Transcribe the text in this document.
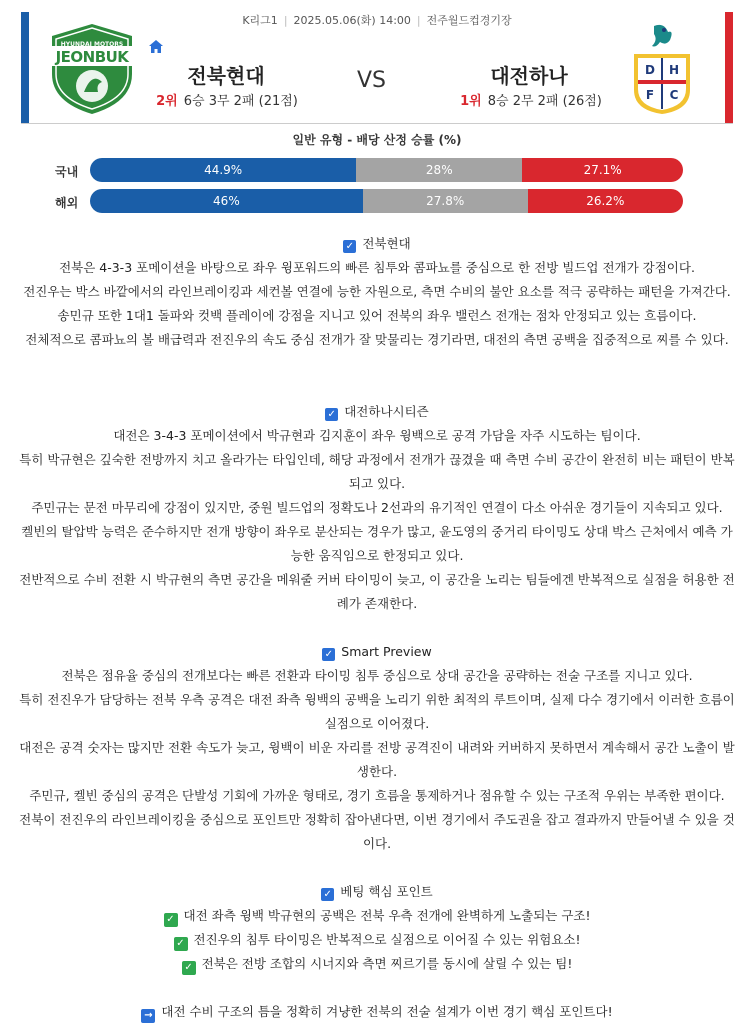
K리그1 | 2025.05.06(화) 14:00 | 전주월드컵경기장
HYUNDAI MOTORS
JEONBUK
전북현대
2위 6승 3무 2패 (21점)
VS	대전하나
1위 8승 2무 2패 (26점)
D	H
F	C
일반 유형 - 배당 산정 승률 (%)
국내	44.9%	28%	27.1%
해외	46%	27.8%	26.2%

✓ 전북현대

전북은 4-3-3 포메이션을 바탕으로 좌우 윙포워드의 빠른 침투와 콤파뇨를 중심으로 한 전방 빌드업 전개가 강점이다.

전진우는 박스 바깥에서의 라인브레이킹과 세컨볼 연결에 능한 자원으로, 측면 수비의 불안 요소를 적극 공략하는 패턴을 가져간다.

송민규 또한 1대1 돌파와 컷백 플레이에 강점을 지니고 있어 전북의 좌우 밸런스 전개는 점차 안정되고 있는 흐름이다.

전체적으로 콤파뇨의 볼 배급력과 전진우의 속도 중심 전개가 잘 맞물리는 경기라면, 대전의 측면 공백을 집중적으로 찌를 수 있다.

✓ 대전하나시티즌

대전은 3-4-3 포메이션에서 박규현과 김지훈이 좌우 윙백으로 공격 가담을 자주 시도하는 팀이다.

특히 박규현은 깊숙한 전방까지 치고 올라가는 타입인데, 해당 과정에서 전개가 끊겼을 때 측면 수비 공간이 완전히 비는 패턴이 반복

되고 있다.

주민규는 문전 마무리에 강점이 있지만, 중원 빌드업의 정확도나 2선과의 유기적인 연결이 다소 아쉬운 경기들이 지속되고 있다.

켈빈의 탈압박 능력은 준수하지만 전개 방향이 좌우로 분산되는 경우가 많고, 윤도영의 중거리 타이밍도 상대 박스 근처에서 예측 가

능한 움직임으로 한정되고 있다.

전반적으로 수비 전환 시 박규현의 측면 공간을 메워줄 커버 타이밍이 늦고, 이 공간을 노리는 팀들에겐 반복적으로 실점을 허용한 전

례가 존재한다.

✓ Smart Preview

전북은 점유율 중심의 전개보다는 빠른 전환과 타이밍 침투 중심으로 상대 공간을 공략하는 전술 구조를 지니고 있다.

특히 전진우가 담당하는 전북 우측 공격은 대전 좌측 윙백의 공백을 노리기 위한 최적의 루트이며, 실제 다수 경기에서 이러한 흐름이

실점으로 이어졌다.

대전은 공격 숫자는 많지만 전환 속도가 늦고, 윙백이 비운 자리를 전방 공격진이 내려와 커버하지 못하면서 계속해서 공간 노출이 발

생한다.

주민규, 켈빈 중심의 공격은 단발성 기회에 가까운 형태로, 경기 흐름을 통제하거나 점유할 수 있는 구조적 우위는 부족한 편이다.

전북이 전진우의 라인브레이킹을 중심으로 포인트만 정확히 잡아낸다면, 이번 경기에서 주도권을 잡고 결과까지 만들어낼 수 있을 것

이다.

✓ 베팅 핵심 포인트

✓ 대전 좌측 윙백 박규현의 공백은 전북 우측 전개에 완벽하게 노출되는 구조!

✓ 전진우의 침투 타이밍은 반복적으로 실점으로 이어질 수 있는 위험요소!

✓ 전북은 전방 조합의 시너지와 측면 찌르기를 동시에 살릴 수 있는 팀!

→ 대전 수비 구조의 틈을 정확히 겨냥한 전북의 전술 설계가 이번 경기 핵심 포인트다!
